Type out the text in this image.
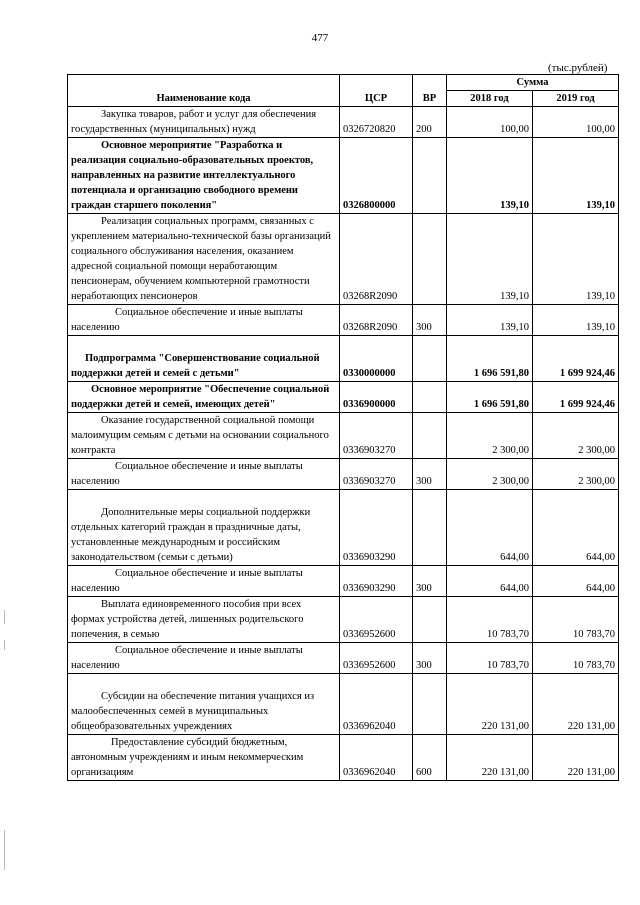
477
(тыс.рублей)
Наименование кода	ЦСР	ВР	Сумма	
			2018 год	2019 год
Закупка товаров, работ и услуг для обеспечения государственных (муниципальных) нужд	0326720820	200	100,00	100,00
Основное мероприятие "Разработка и реализация социально-образовательных проектов, направленных на развитие интеллектуального потенциала и организацию свободного времени граждан старшего поколения"	0326800000		139,10	139,10
Реализация социальных программ, связанных с укреплением материально-технической базы организаций социального обслуживания населения, оказанием адресной социальной помощи неработающим пенсионерам, обучением компьютерной грамотности неработающих пенсионеров	03268R2090		139,10	139,10
Социальное обеспечение и иные выплаты населению	03268R2090	300	139,10	139,10
Подпрограмма "Совершенствование социальной поддержки детей и семей с детьми"	0330000000		1 696 591,80	1 699 924,46
Основное мероприятие "Обеспечение социальной поддержки детей и семей, имеющих детей"	0336900000		1 696 591,80	1 699 924,46
Оказание государственной социальной помощи малоимущим семьям с детьми на основании социального контракта	0336903270		2 300,00	2 300,00
Социальное обеспечение и иные выплаты населению	0336903270	300	2 300,00	2 300,00
Дополнительные меры социальной поддержки отдельных категорий граждан в праздничные даты, установленные международным и российским законодательством (семьи с детьми)	0336903290		644,00	644,00
Социальное обеспечение и иные выплаты населению	0336903290	300	644,00	644,00
Выплата единовременного пособия при всех формах устройства детей, лишенных родительского попечения, в семью	0336952600		10 783,70	10 783,70
Социальное обеспечение и иные выплаты населению	0336952600	300	10 783,70	10 783,70
Субсидии на обеспечение питания учащихся из малообеспеченных семей в муниципальных общеобразовательных учреждениях	0336962040		220 131,00	220 131,00
Предоставление субсидий бюджетным, автономным учреждениям и иным некоммерческим организациям	0336962040	600	220 131,00	220 131,00
